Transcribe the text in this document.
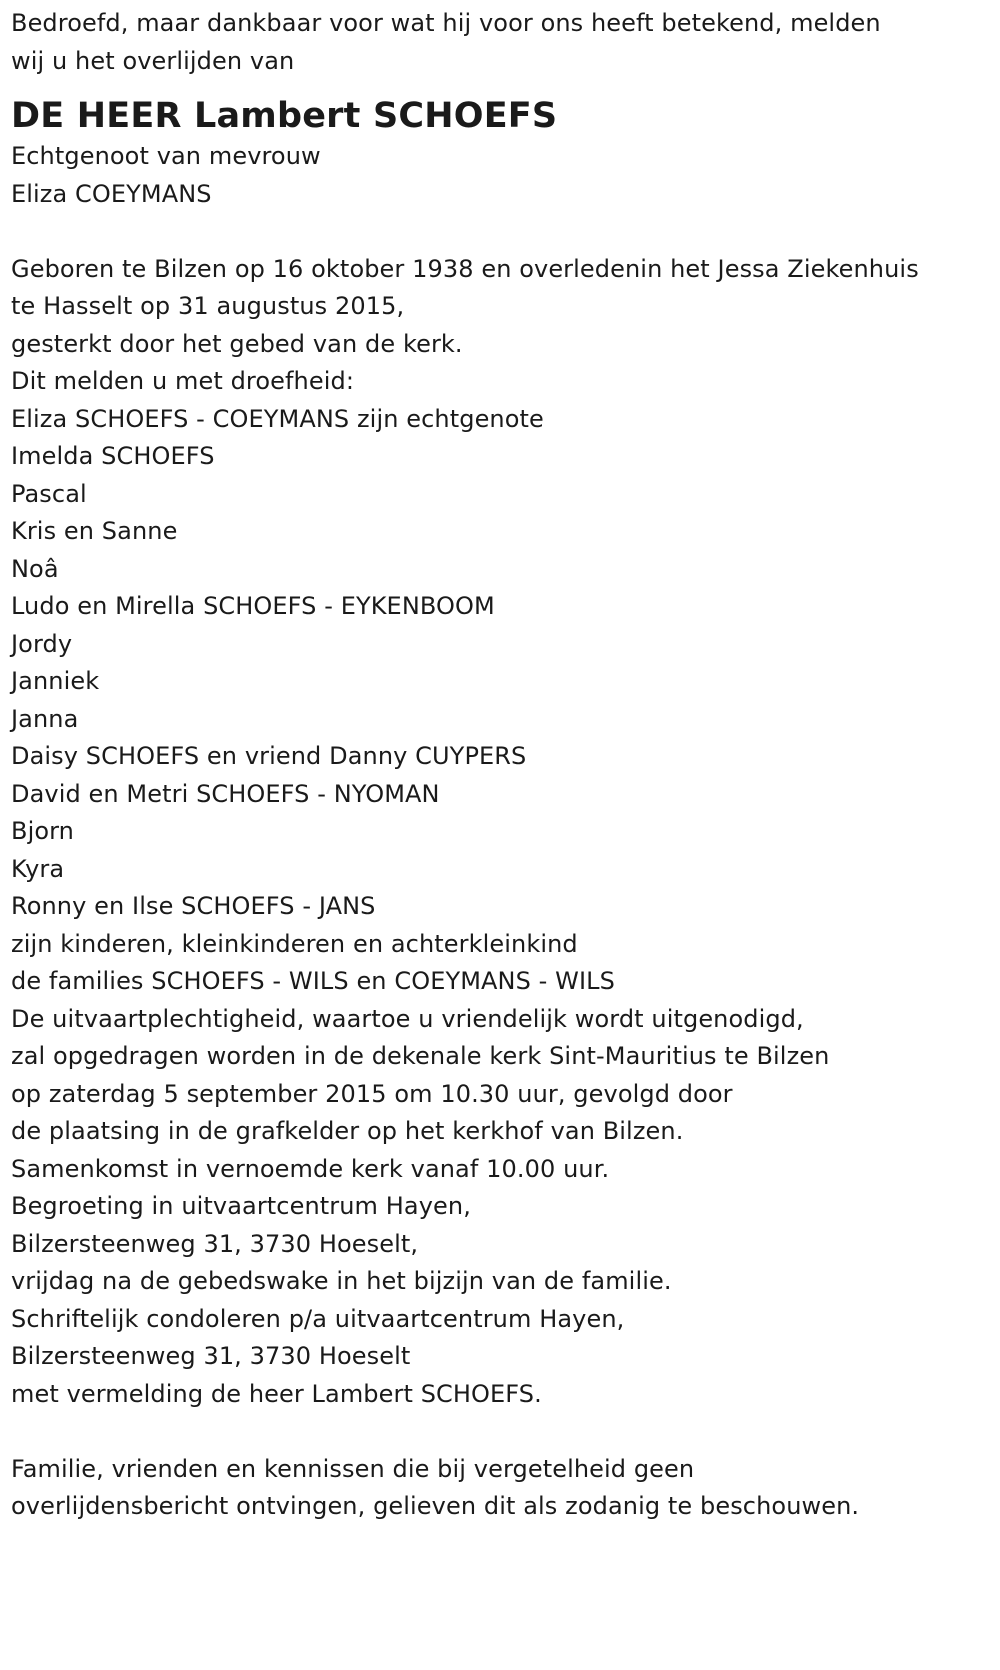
Bedroefd, maar dankbaar voor wat hij voor ons heeft betekend, melden
wij u het overlijden van
DE HEER Lambert SCHOEFS
Echtgenoot van mevrouw
Eliza COEYMANS
Geboren te Bilzen op 16 oktober 1938 en overledenin het Jessa Ziekenhuis
te Hasselt op 31 augustus 2015,
gesterkt door het gebed van de kerk.
Dit melden u met droefheid:
Eliza SCHOEFS - COEYMANS zijn echtgenote
Imelda SCHOEFS
Pascal
Kris en Sanne
Noâ
Ludo en Mirella SCHOEFS - EYKENBOOM
Jordy
Janniek
Janna
Daisy SCHOEFS en vriend Danny CUYPERS
David en Metri SCHOEFS - NYOMAN
Bjorn
Kyra
Ronny en Ilse SCHOEFS - JANS
zijn kinderen, kleinkinderen en achterkleinkind
de families SCHOEFS - WILS en COEYMANS - WILS
De uitvaartplechtigheid, waartoe u vriendelijk wordt uitgenodigd,
zal opgedragen worden in de dekenale kerk Sint-Mauritius te Bilzen
op zaterdag 5 september 2015 om 10.30 uur, gevolgd door
de plaatsing in de grafkelder op het kerkhof van Bilzen.
Samenkomst in vernoemde kerk vanaf 10.00 uur.
Begroeting in uitvaartcentrum Hayen,
Bilzersteenweg 31, 3730 Hoeselt,
vrijdag na de gebedswake in het bijzijn van de familie.
Schriftelijk condoleren p/a uitvaartcentrum Hayen,
Bilzersteenweg 31, 3730 Hoeselt
met vermelding de heer Lambert SCHOEFS.
Familie, vrienden en kennissen die bij vergetelheid geen
overlijdensbericht ontvingen, gelieven dit als zodanig te beschouwen.
